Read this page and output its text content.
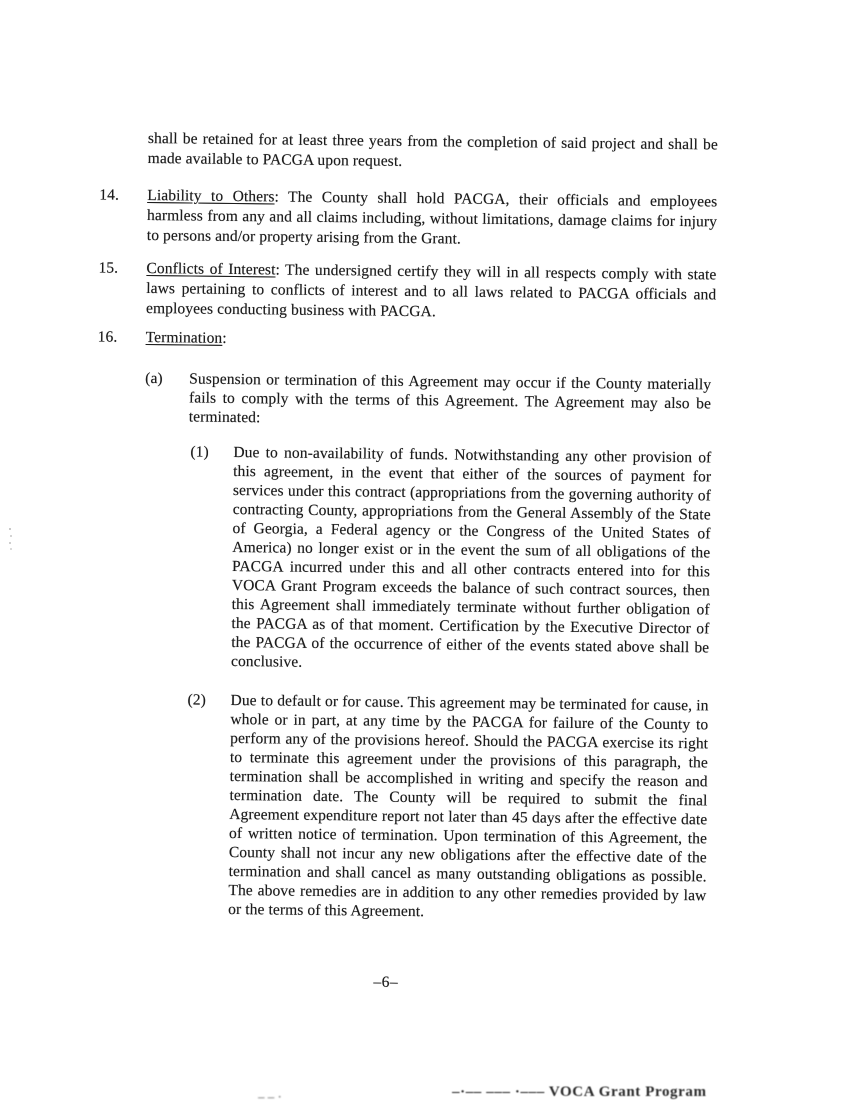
shall be retained for at least three years from the completion of said project and shall be made available to PACGA upon request.
14. Liability to Others: The County shall hold PACGA, their officials and employees harmless from any and all claims including, without limitations, damage claims for injury to persons and/or property arising from the Grant.
15. Conflicts of Interest: The undersigned certify they will in all respects comply with state laws pertaining to conflicts of interest and to all laws related to PACGA officials and employees conducting business with PACGA.
16. Termination:
(a) Suspension or termination of this Agreement may occur if the County materially fails to comply with the terms of this Agreement. The Agreement may also be terminated:
(1) Due to non-availability of funds. Notwithstanding any other provision of this agreement, in the event that either of the sources of payment for services under this contract (appropriations from the governing authority of contracting County, appropriations from the General Assembly of the State of Georgia, a Federal agency or the Congress of the United States of America) no longer exist or in the event the sum of all obligations of the PACGA incurred under this and all other contracts entered into for this VOCA Grant Program exceeds the balance of such contract sources, then this Agreement shall immediately terminate without further obligation of the PACGA as of that moment. Certification by the Executive Director of the PACGA of the occurrence of either of the events stated above shall be conclusive.
(2) Due to default or for cause. This agreement may be terminated for cause, in whole or in part, at any time by the PACGA for failure of the County to perform any of the provisions hereof. Should the PACGA exercise its right to terminate this agreement under the provisions of this paragraph, the termination shall be accomplished in writing and specify the reason and termination date. The County will be required to submit the final Agreement expenditure report not later than 45 days after the effective date of written notice of termination. Upon termination of this Agreement, the County shall not incur any new obligations after the effective date of the termination and shall cancel as many outstanding obligations as possible. The above remedies are in addition to any other remedies provided by law or the terms of this Agreement.
–6–
– – ·	–·–– ––– ·––– VOCA Grant Program
